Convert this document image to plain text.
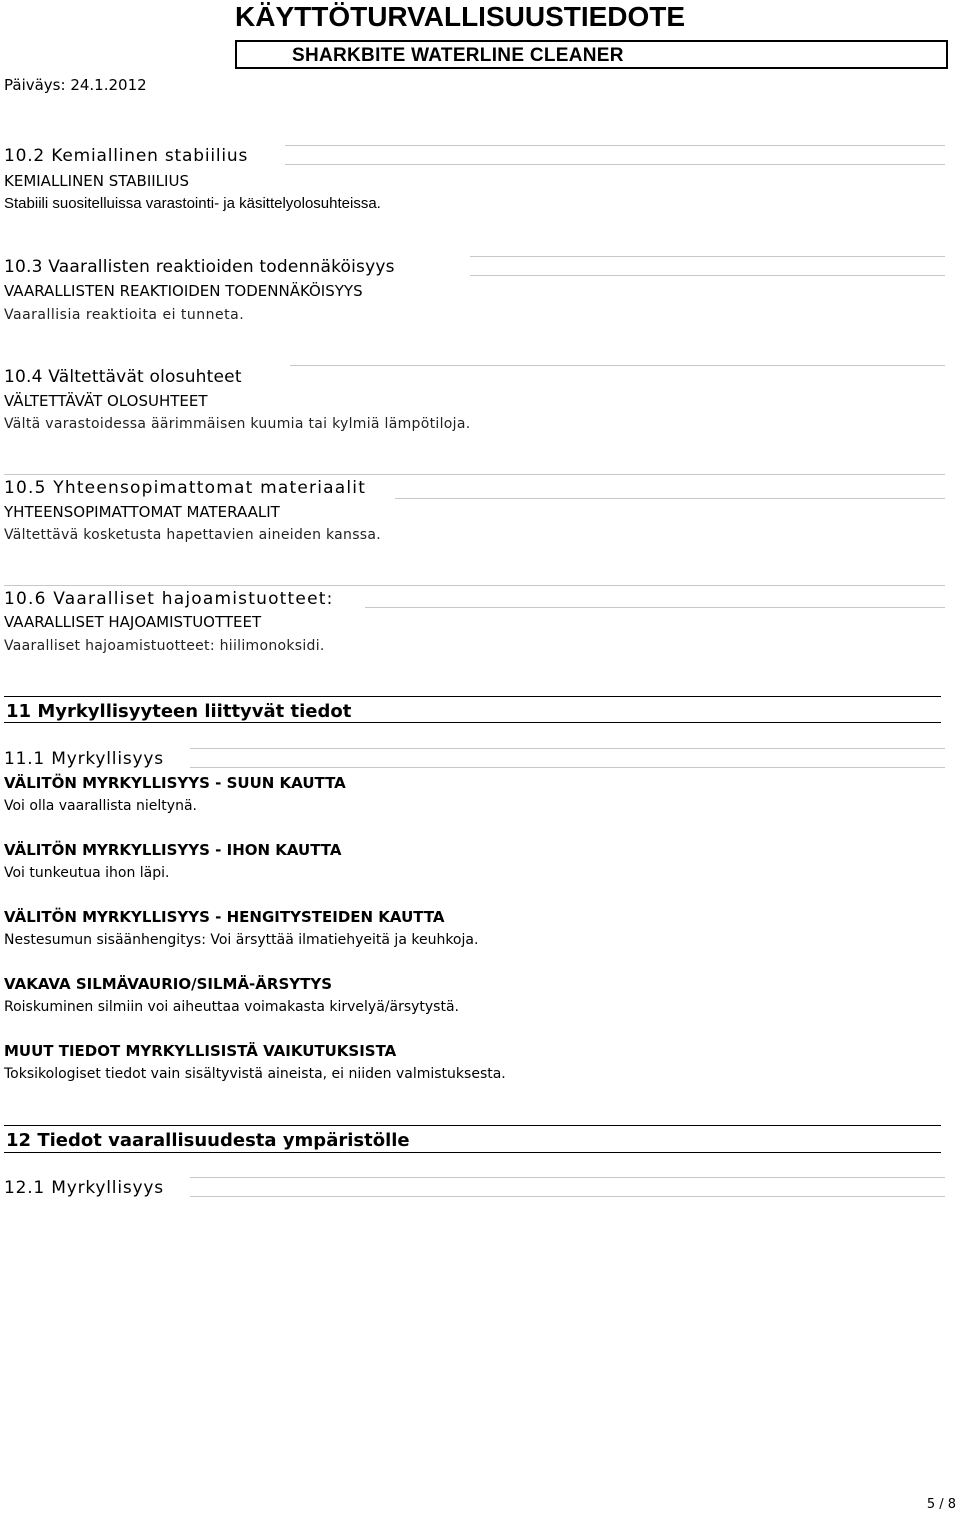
KÄYTTÖTURVALLISUUSTIEDOTE
SHARKBITE WATERLINE CLEANER
Päiväys: 24.1.2012
10.2 Kemiallinen stabiilius
KEMIALLINEN STABIILIUS
Stabiili suositelluissa varastointi- ja käsittelyolosuhteissa.
10.3 Vaarallisten reaktioiden todennäköisyys
VAARALLISTEN REAKTIOIDEN TODENNÄKÖISYYS
Vaarallisia reaktioita ei tunneta.
10.4 Vältettävät olosuhteet
VÄLTETTÄVÄT OLOSUHTEET
Vältä varastoidessa äärimmäisen kuumia tai kylmiä lämpötiloja.
10.5 Yhteensopimattomat materiaalit
YHTEENSOPIMATTOMAT MATERAALIT
Vältettävä kosketusta hapettavien aineiden kanssa.
10.6 Vaaralliset hajoamistuotteet:
VAARALLISET HAJOAMISTUOTTEET
Vaaralliset hajoamistuotteet: hiilimonoksidi.
11 Myrkyllisyyteen liittyvät tiedot
11.1 Myrkyllisyys
VÄLITÖN MYRKYLLISYYS - SUUN KAUTTA
Voi olla vaarallista nieltynä.
VÄLITÖN MYRKYLLISYYS - IHON KAUTTA
Voi tunkeutua ihon läpi.
VÄLITÖN MYRKYLLISYYS - HENGITYSTEIDEN KAUTTA
Nestesumun sisäänhengitys: Voi ärsyttää ilmatiehyeitä ja keuhkoja.
VAKAVA SILMÄVAURIO/SILMÄ-ÄRSYTYS
Roiskuminen silmiin voi aiheuttaa voimakasta kirvelyä/ärsytystä.
MUUT TIEDOT MYRKYLLISISTÄ VAIKUTUKSISTA
Toksikologiset tiedot vain sisältyvistä aineista, ei niiden valmistuksesta.
12 Tiedot vaarallisuudesta ympäristölle
12.1 Myrkyllisyys
5 / 8
